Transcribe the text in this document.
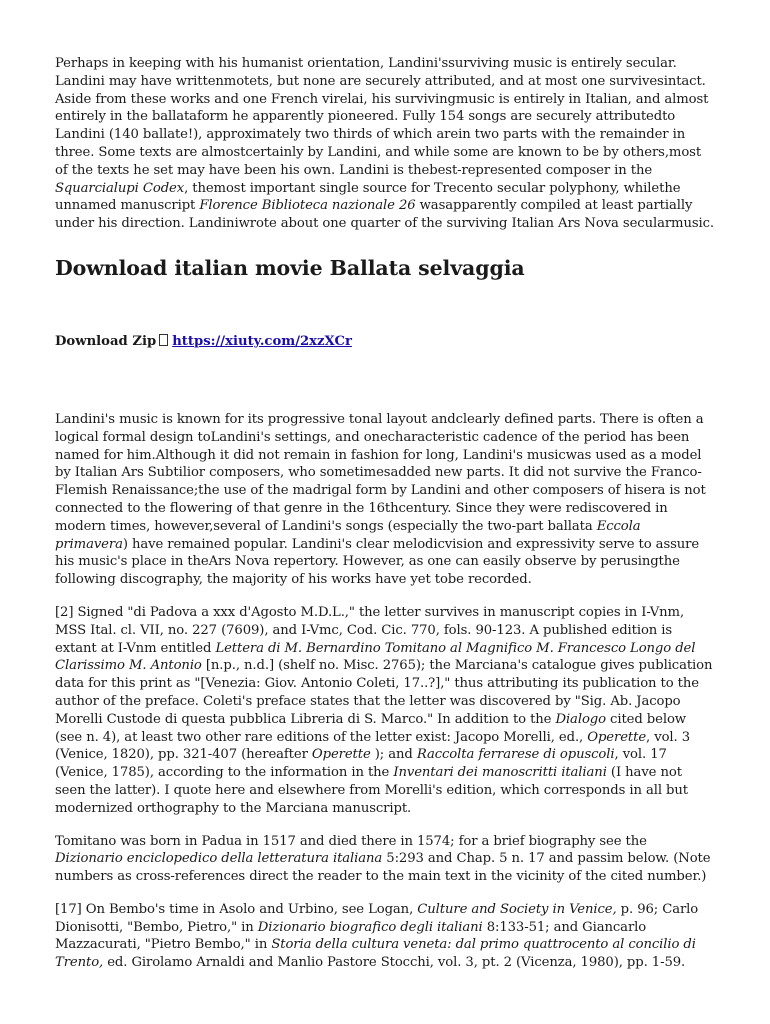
Perhaps in keeping with his humanist orientation, Landini'ssurviving music is entirely secular. Landini may have writtenmotets, but none are securely attributed, and at most one survivesintact. Aside from these works and one French virelai, his survivingmusic is entirely in Italian, and almost entirely in the ballataform he apparently pioneered. Fully 154 songs are securely attributedto Landini (140 ballate!), approximately two thirds of which arein two parts with the remainder in three. Some texts are almostcertainly by Landini, and while some are known to be by others,most of the texts he set may have been his own. Landini is thebest-represented composer in the Squarcialupi Codex, themost important single source for Trecento secular polyphony, whilethe unnamed manuscript Florence Biblioteca nazionale 26 wasapparently compiled at least partially under his direction. Landiniwrote about one quarter of the surviving Italian Ars Nova secularmusic.

Download italian movie Ballata selvaggia
Download Zip https://xiuty.com/2xzXCr

Landini's music is known for its progressive tonal layout andclearly defined parts. There is often a logical formal design toLandini's settings, and onecharacteristic cadence of the period has been named for him.Although it did not remain in fashion for long, Landini's musicwas used as a model by Italian Ars Subtilior composers, who sometimesadded new parts. It did not survive the Franco-Flemish Renaissance;the use of the madrigal form by Landini and other composers of hisera is not connected to the flowering of that genre in the 16thcentury. Since they were rediscovered in modern times, however,several of Landini's songs (especially the two-part ballata Eccola primavera) have remained popular. Landini's clear melodicvision and expressivity serve to assure his music's place in theArs Nova repertory. However, as one can easily observe by perusingthe following discography, the majority of his works have yet tobe recorded.

[2] Signed "di Padova a xxx d'Agosto M.D.L.," the letter survives in manuscript copies in I-Vnm, MSS Ital. cl. VII, no. 227 (7609), and I-Vmc, Cod. Cic. 770, fols. 90-123. A published edition is extant at I-Vnm entitled Lettera di M. Bernardino Tomitano al Magnifico M. Francesco Longo del Clarissimo M. Antonio [n.p., n.d.] (shelf no. Misc. 2765); the Marciana's catalogue gives publication data for this print as "[Venezia: Giov. Antonio Coleti, 17..?]," thus attributing its publication to the author of the preface. Coleti's preface states that the letter was discovered by "Sig. Ab. Jacopo Morelli Custode di questa pubblica Libreria di S. Marco." In addition to the Dialogo cited below (see n. 4), at least two other rare editions of the letter exist: Jacopo Morelli, ed., Operette, vol. 3 (Venice, 1820), pp. 321-407 (hereafter Operette ); and Raccolta ferrarese di opuscoli, vol. 17 (Venice, 1785), according to the information in the Inventari dei manoscritti italiani (I have not seen the latter). I quote here and elsewhere from Morelli's edition, which corresponds in all but modernized orthography to the Marciana manuscript.

Tomitano was born in Padua in 1517 and died there in 1574; for a brief biography see the Dizionario enciclopedico della letteratura italiana 5:293 and Chap. 5 n. 17 and passim below. (Note numbers as cross-references direct the reader to the main text in the vicinity of the cited number.)

[17] On Bembo's time in Asolo and Urbino, see Logan, Culture and Society in Venice, p. 96; Carlo Dionisotti, "Bembo, Pietro," in Dizionario biografico degli italiani 8:133-51; and Giancarlo Mazzacurati, "Pietro Bembo," in Storia della cultura veneta: dal primo quattrocento al concilio di Trento, ed. Girolamo Arnaldi and Manlio Pastore Stocchi, vol. 3, pt. 2 (Vicenza, 1980), pp. 1-59.
